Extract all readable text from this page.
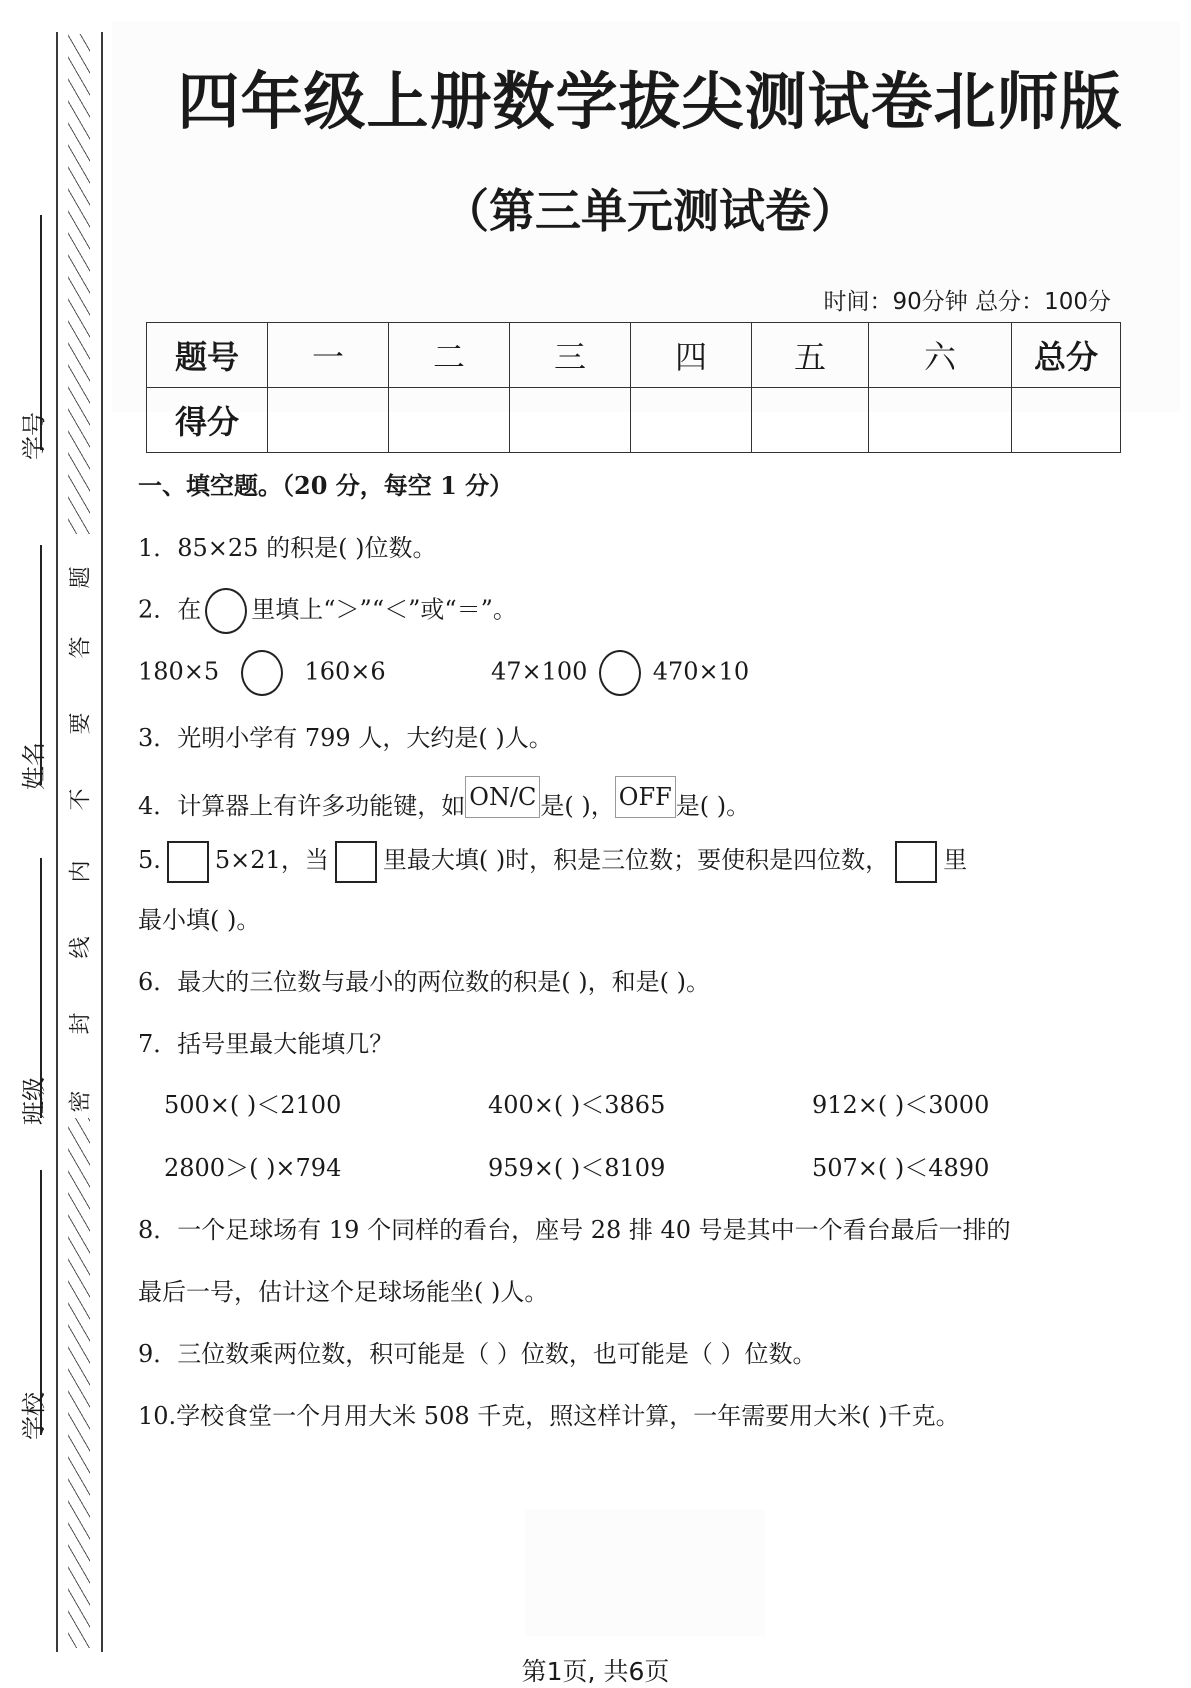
学号
姓名
班级
学校
题
答
要
不
内
线
封
密
四年级上册数学拔尖测试卷北师版
（第三单元测试卷）
时间：90分钟 总分：100分
题号	一	二	三	四	五	六	总分
得分							
一、填空题。（20 分，每空 1 分）
1．85×25 的积是( )位数。
2．在 里填上“＞”“＜”或“＝”。
180×5	160×6	47×100	470×10
3．光明小学有 799 人，大约是( )人。
4．计算器上有许多功能键，如 ON/C 是( )， OFF 是( )。
5. 5×21，当 里最大填( )时，积是三位数；要使积是四位数， 里
最小填( )。
6．最大的三位数与最小的两位数的积是( )，和是( )。
7．括号里最大能填几？
500×( )＜2100	400×( )＜3865	912×( )＜3000
2800＞( )×794	959×( )＜8109	507×( )＜4890
8．一个足球场有 19 个同样的看台，座号 28 排 40 号是其中一个看台最后一排的
最后一号，估计这个足球场能坐( )人。
9．三位数乘两位数，积可能是（ ）位数，也可能是（ ）位数。
10.学校食堂一个月用大米 508 千克，照这样计算，一年需要用大米( )千克。
第1页, 共6页
